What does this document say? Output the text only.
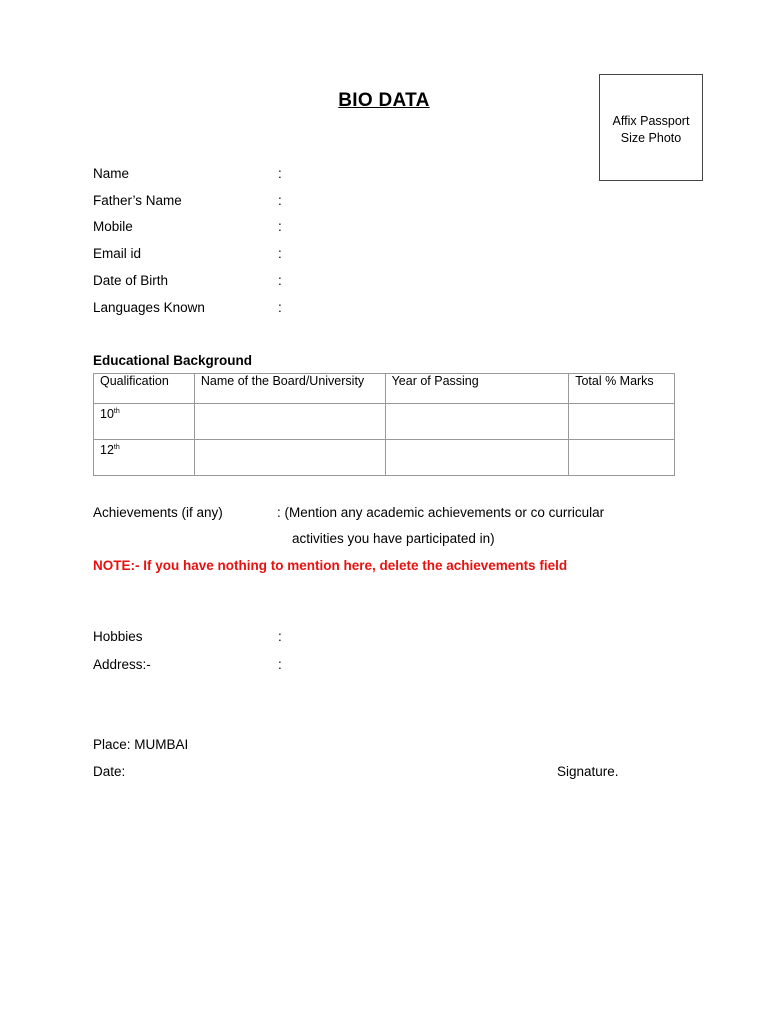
BIO DATA
Affix Passport
Size Photo
Name	:
Father’s Name	:
Mobile	:
Email id	:
Date of Birth	:
Languages Known	:
Educational Background
Qualification	Name of the Board/University	Year of Passing	Total % Marks
10th			
12th			
Achievements (if any)	: (Mention any academic achievements or co curricular
activities you have participated in)
NOTE:- If you have nothing to mention here, delete the achievements field
Hobbies	:
Address:-	:
Place: MUMBAI
Date:	Signature.
